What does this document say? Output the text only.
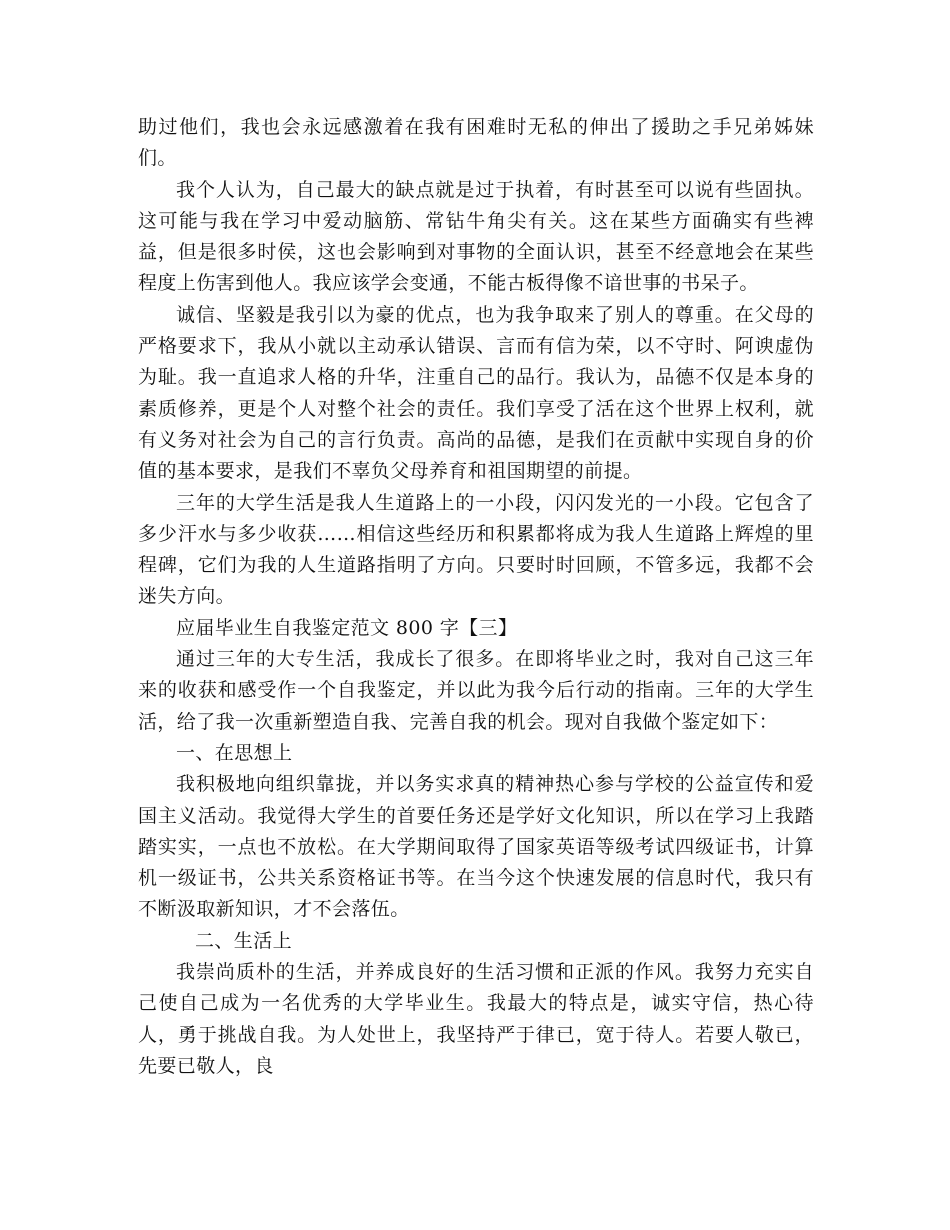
助过他们，我也会永远感激着在我有困难时无私的伸出了援助之手兄弟姊妹们。

我个人认为，自己最大的缺点就是过于执着，有时甚至可以说有些固执。这可能与我在学习中爱动脑筋、常钻牛角尖有关。这在某些方面确实有些裨益，但是很多时侯，这也会影响到对事物的全面认识，甚至不经意地会在某些程度上伤害到他人。我应该学会变通，不能古板得像不谙世事的书呆子。

诚信、坚毅是我引以为豪的优点，也为我争取来了别人的尊重。在父母的严格要求下，我从小就以主动承认错误、言而有信为荣，以不守时、阿谀虚伪为耻。我一直追求人格的升华，注重自己的品行。我认为，品德不仅是本身的素质修养，更是个人对整个社会的责任。我们享受了活在这个世界上权利，就有义务对社会为自己的言行负责。高尚的品德，是我们在贡献中实现自身的价值的基本要求，是我们不辜负父母养育和祖国期望的前提。

三年的大学生活是我人生道路上的一小段，闪闪发光的一小段。它包含了多少汗水与多少收获……相信这些经历和积累都将成为我人生道路上辉煌的里程碑，它们为我的人生道路指明了方向。只要时时回顾，不管多远，我都不会迷失方向。

应届毕业生自我鉴定范文 800 字【三】

通过三年的大专生活，我成长了很多。在即将毕业之时，我对自己这三年来的收获和感受作一个自我鉴定，并以此为我今后行动的指南。三年的大学生活，给了我一次重新塑造自我、完善自我的机会。现对自我做个鉴定如下：

一、在思想上

我积极地向组织靠拢，并以务实求真的精神热心参与学校的公益宣传和爱国主义活动。我觉得大学生的首要任务还是学好文化知识，所以在学习上我踏踏实实，一点也不放松。在大学期间取得了国家英语等级考试四级证书，计算机一级证书，公共关系资格证书等。在当今这个快速发展的信息时代，我只有不断汲取新知识，才不会落伍。

二、生活上

我崇尚质朴的生活，并养成良好的生活习惯和正派的作风。我努力充实自己使自己成为一名优秀的大学毕业生。我最大的特点是，诚实守信，热心待人，勇于挑战自我。为人处世上，我坚持严于律已，宽于待人。若要人敬已，先要已敬人，良
